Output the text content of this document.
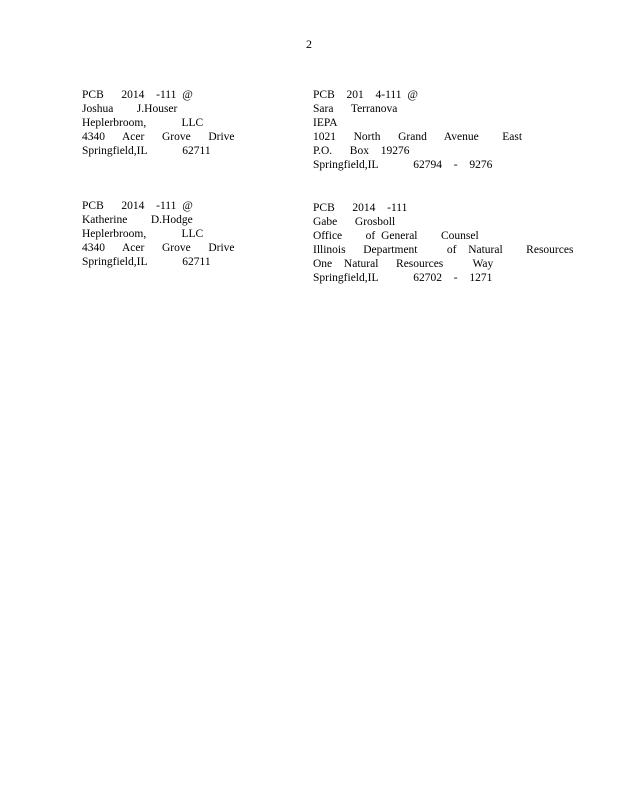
2
PCB   2014  -111 @
Joshua    J.Houser
Heplerbroom,      LLC
4340   Acer   Grove   Drive
Springfield,IL      62711
PCB  201  4-111 @
Sara   Terranova
IEPA
1021   North   Grand   Avenue    East
P.O.   Box  19276
Springfield,IL      62794  -  9276
PCB   2014  -111 @
Katherine    D.Hodge
Heplerbroom,      LLC
4340   Acer   Grove   Drive
Springfield,IL      62711
PCB   2014  -111
Gabe   Grosboll
Office    of General    Counsel
Illinois   Department     of  Natural    Resources
One  Natural   Resources     Way
Springfield,IL      62702  -  1271
